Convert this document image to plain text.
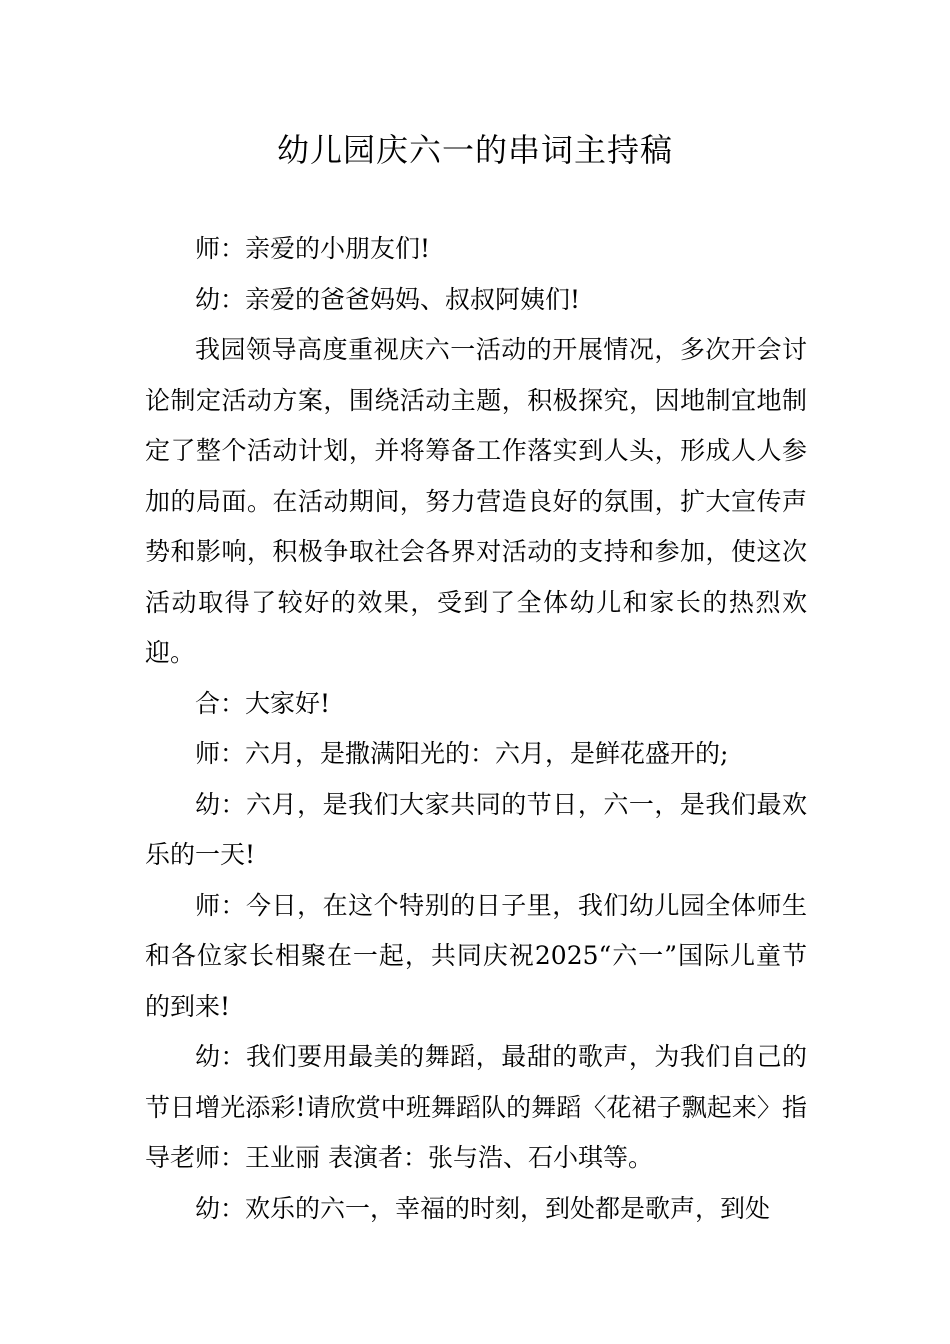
幼儿园庆六一的串词主持稿

师：亲爱的小朋友们!

幼：亲爱的爸爸妈妈、叔叔阿姨们!

我园领导高度重视庆六一活动的开展情况，多次开会讨论制定活动方案，围绕活动主题，积极探究，因地制宜地制定了整个活动计划，并将筹备工作落实到人头，形成人人参加的局面。在活动期间，努力营造良好的氛围，扩大宣传声势和影响，积极争取社会各界对活动的支持和参加，使这次活动取得了较好的效果，受到了全体幼儿和家长的热烈欢迎。

合：大家好!

师：六月，是撒满阳光的：六月，是鲜花盛开的;

幼：六月，是我们大家共同的节日，六一，是我们最欢乐的一天!

师：今日，在这个特别的日子里，我们幼儿园全体师生和各位家长相聚在一起，共同庆祝2025“六一”国际儿童节的到来!

幼：我们要用最美的舞蹈，最甜的歌声，为我们自己的节日增光添彩!请欣赏中班舞蹈队的舞蹈〈花裙子飘起来〉指导老师：王业丽 表演者：张与浩、石小琪等。

幼：欢乐的六一，幸福的时刻，到处都是歌声，到处
